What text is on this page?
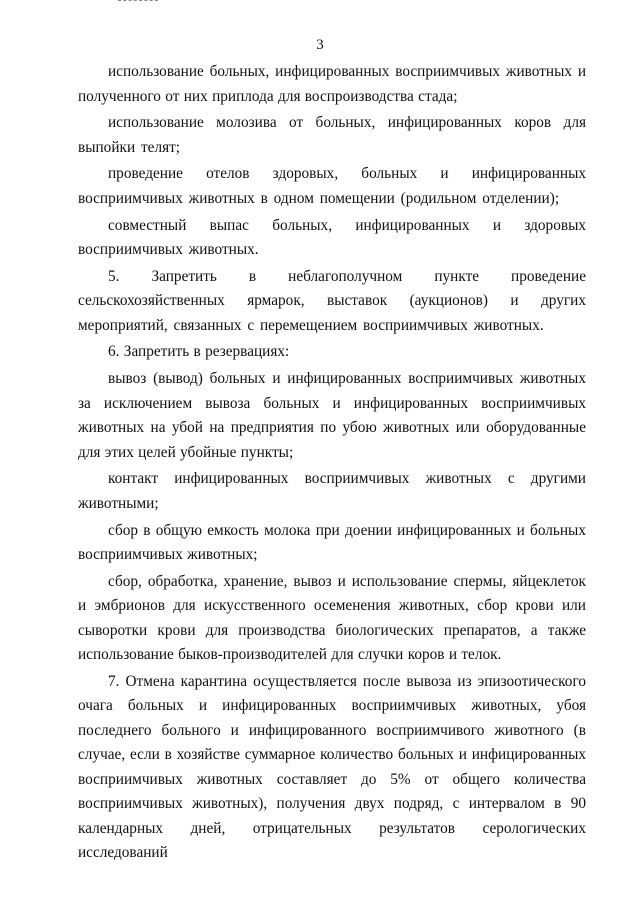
3

использование больных, инфицированных восприимчивых животных и полученного от них приплода для воспроизводства стада;

использование молозива от больных, инфицированных коров для выпойки телят;

проведение отелов здоровых, больных и инфицированных восприимчивых животных в одном помещении (родильном отделении);

совместный выпас больных, инфицированных и здоровых восприимчивых животных.

5. Запретить в неблагополучном пункте проведение сельскохозяйственных ярмарок, выставок (аукционов) и других мероприятий, связанных с перемещением восприимчивых животных.

6. Запретить в резервациях:

вывоз (вывод) больных и инфицированных восприимчивых животных за исключением вывоза больных и инфицированных восприимчивых животных на убой на предприятия по убою животных или оборудованные для этих целей убойные пункты;

контакт инфицированных восприимчивых животных с другими животными;

сбор в общую емкость молока при доении инфицированных и больных восприимчивых животных;

сбор, обработка, хранение, вывоз и использование спермы, яйцеклеток и эмбрионов для искусственного осеменения животных, сбор крови или сыворотки крови для производства биологических препаратов, а также использование быков-производителей для случки коров и телок.

7. Отмена карантина осуществляется после вывоза из эпизоотического очага больных и инфицированных восприимчивых животных, убоя последнего больного и инфицированного восприимчивого животного (в случае, если в хозяйстве суммарное количество больных и инфицированных восприимчивых животных составляет до 5% от общего количества восприимчивых животных), получения двух подряд, с интервалом в 90 календарных дней, отрицательных результатов серологических исследований
